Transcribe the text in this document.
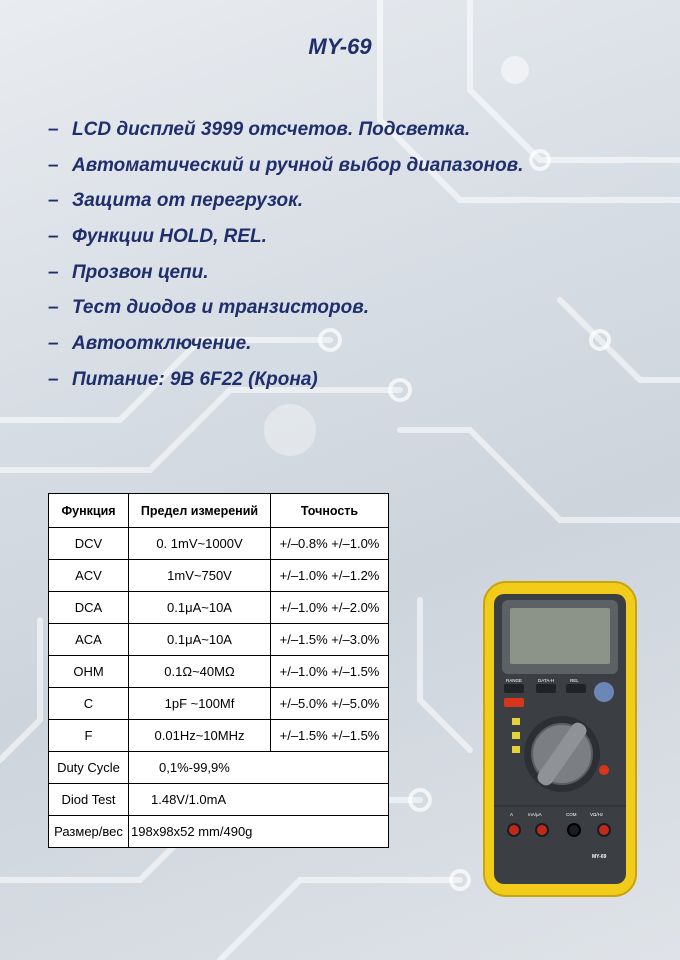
MY-69
– LCD дисплей 3999 отсчетов. Подсветка.
– Автоматический и ручной выбор диапазонов.
– Защита от перегрузок.
– Функции HOLD, REL.
– Прозвон цепи.
– Тест диодов и транзисторов.
– Автоотключение.
– Питание: 9В 6F22 (Крона)
Функция	Предел измерений	Точность
DCV	0. 1mV~1000V	+/–0.8% +/–1.0%
ACV	1mV~750V	+/–1.0% +/–1.2%
DCA	0.1μA~10A	+/–1.0% +/–2.0%
ACA	0.1μA~10A	+/–1.5% +/–3.0%
OHM	0.1Ω~40MΩ	+/–1.0% +/–1.5%
C	1pF ~100Mf	+/–5.0% +/–5.0%
F	0.01Hz~10MHz	+/–1.5% +/–1.5%
Duty Cycle	0,1%-99,9%	
Diod Test	1.48V/1.0mA	
Размер/вес	198x98x52 mm/490g	
RANGE	DATA-H	REL
A	mA/μA	COM	VΩ/Hz
MY-69
